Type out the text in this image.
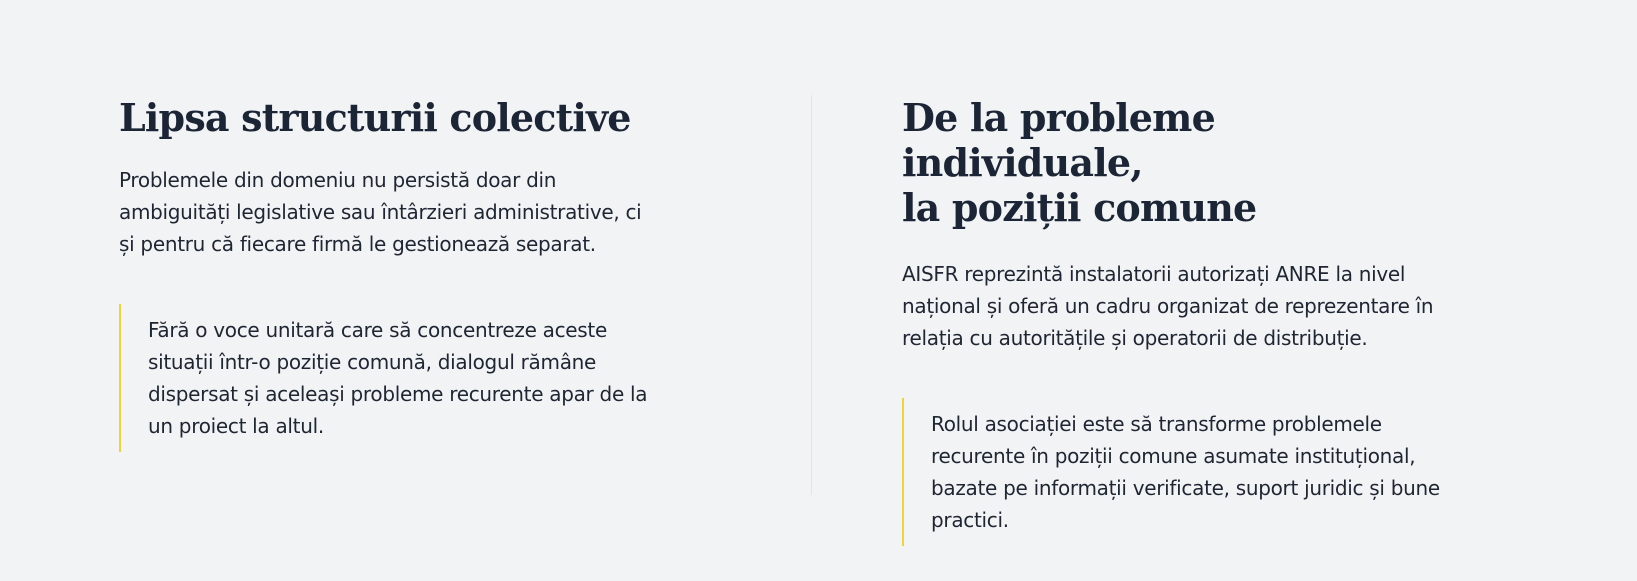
Lipsa structurii colective

Problemele din domeniu nu persistă doar din ambiguități legislative sau întârzieri administrative, ci și pentru că fiecare firmă le gestionează separat.

Fără o voce unitară care să concentreze aceste situații într-o poziție comună, dialogul rămâne dispersat și aceleași probleme recurente apar de la un proiect la altul.
De la probleme individuale,
la poziții comune

AISFR reprezintă instalatorii autorizați ANRE la nivel național și oferă un cadru organizat de reprezentare în relația cu autoritățile și operatorii de distribuție.

Rolul asociației este să transforme problemele recurente în poziții comune asumate instituțional, bazate pe informații verificate, suport juridic și bune practici.
